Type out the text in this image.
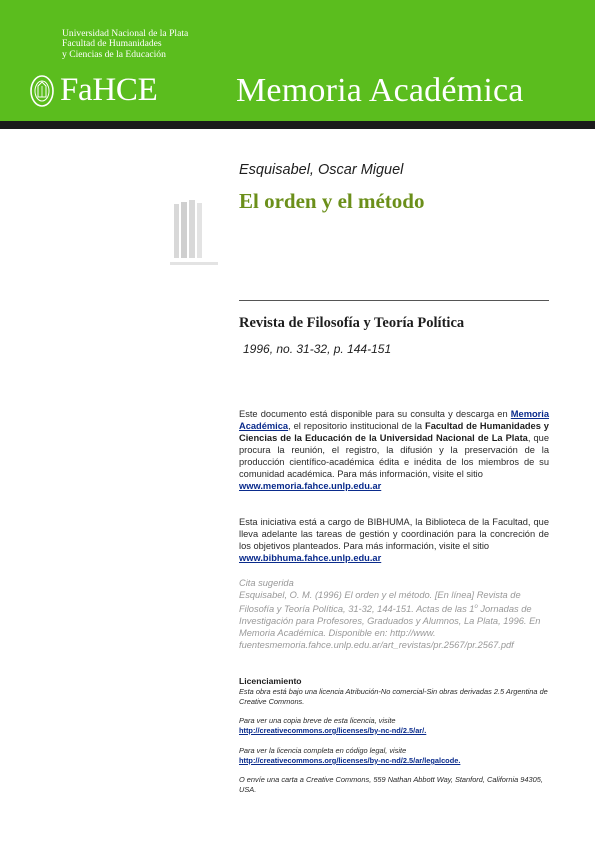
Universidad Nacional de la Plata
Facultad de Humanidades
y Ciencias de la Educación
FaHCE Memoria Académica
Esquisabel, Oscar Miguel
El orden y el método
Revista de Filosofía y Teoría Política
1996, no. 31-32, p. 144-151
Este documento está disponible para su consulta y descarga en Memoria Académica, el repositorio institucional de la Facultad de Humanidades y Ciencias de la Educación de la Universidad Nacional de La Plata, que procura la reunión, el registro, la difusión y la preservación de la producción científico-académica édita e inédita de los miembros de su comunidad académica. Para más información, visite el sitio
www.memoria.fahce.unlp.edu.ar
Esta iniciativa está a cargo de BIBHUMA, la Biblioteca de la Facultad, que lleva adelante las tareas de gestión y coordinación para la concreción de los objetivos planteados. Para más información, visite el sitio
www.bibhuma.fahce.unlp.edu.ar
Cita sugerida
Esquisabel, O. M. (1996) El orden y el método. [En línea] Revista de Filosofía y Teoría Política, 31-32, 144-151. Actas de las 1$^o$ Jornadas de Investigación para Profesores, Graduados y Alumnos, La Plata, 1996. En Memoria Académica. Disponible en: http://www. fuentesmemoria.fahce.unlp.edu.ar/art_revistas/pr.2567/pr.2567.pdf
Licenciamiento
Esta obra está bajo una licencia Atribución-No comercial-Sin obras derivadas 2.5 Argentina de Creative Commons.
Para ver una copia breve de esta licencia, visite
http://creativecommons.org/licenses/by-nc-nd/2.5/ar/.
Para ver la licencia completa en código legal, visite
http://creativecommons.org/licenses/by-nc-nd/2.5/ar/legalcode.
O envíe una carta a Creative Commons, 559 Nathan Abbott Way, Stanford, California 94305, USA.
